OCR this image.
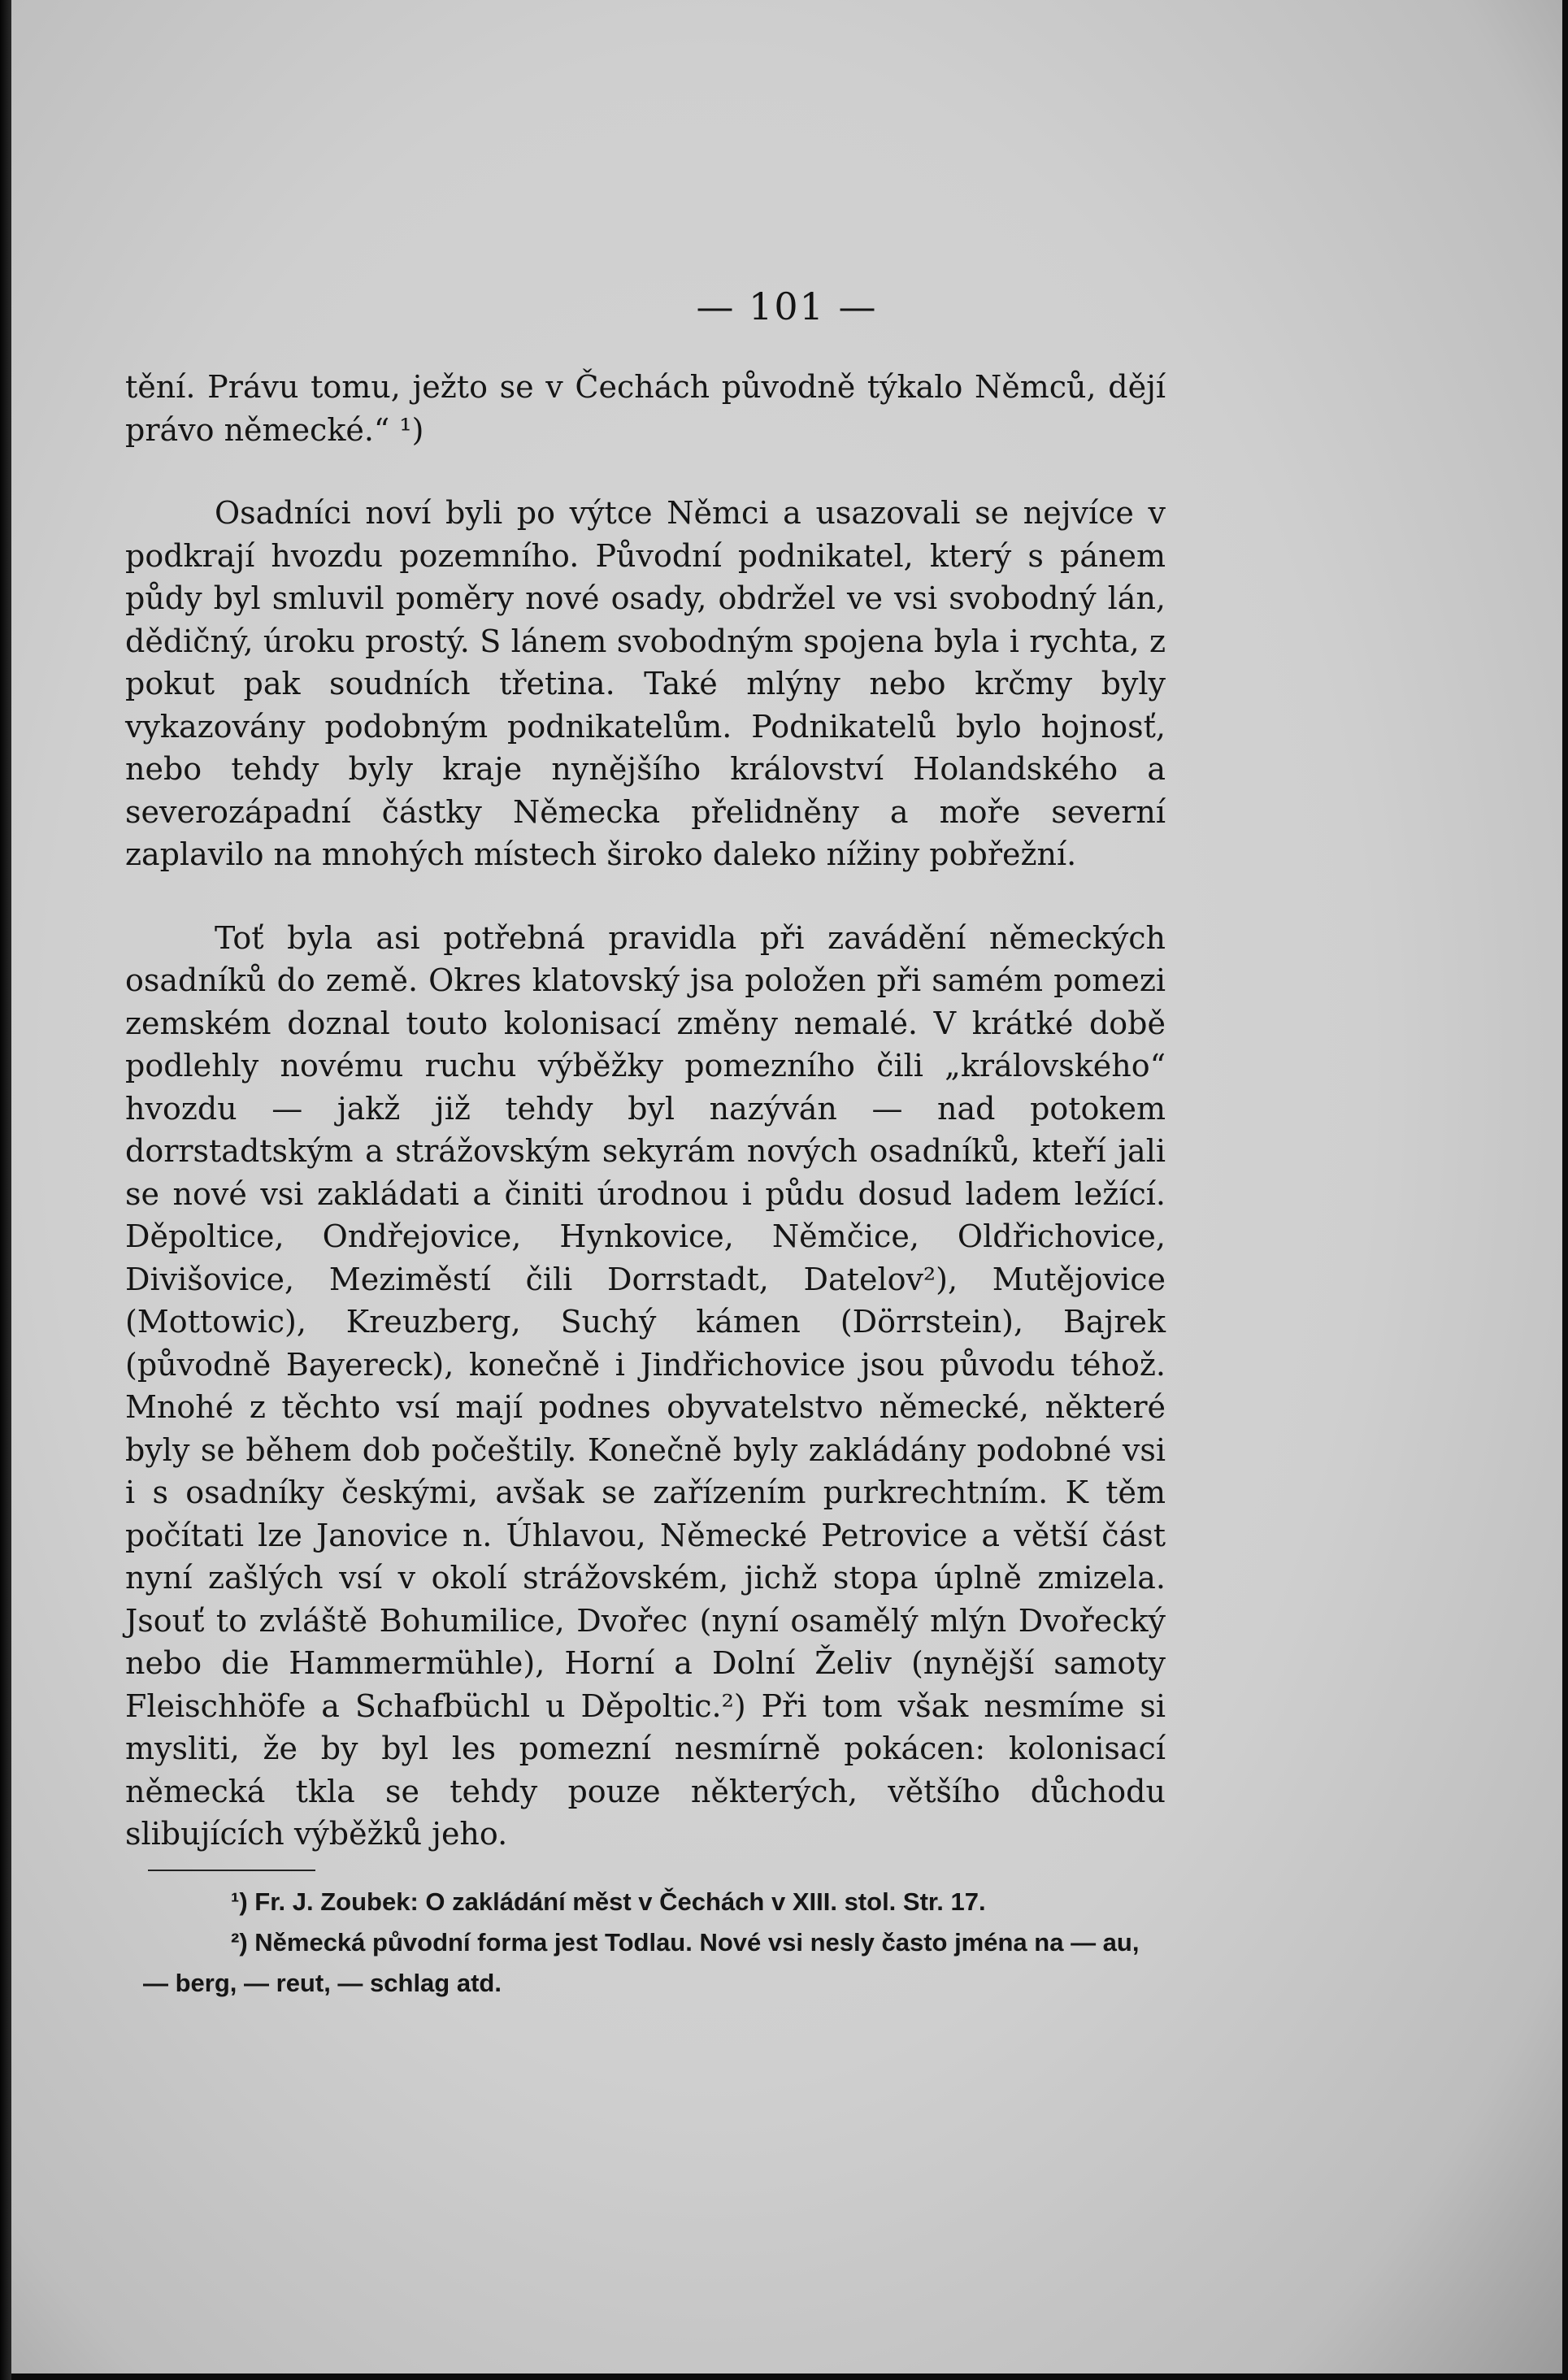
— 101 —

tění. Právu tomu, ježto se v Čechách původně týkalo Němců, dějí právo německé.“ ¹)

Osadníci noví byli po výtce Němci a usazovali se nejvíce v podkrají hvozdu pozemního. Původní podnikatel, který s pánem půdy byl smluvil poměry nové osady, obdržel ve vsi svobodný lán, dědičný, úroku prostý. S lánem svobodným spojena byla i rychta, z pokut pak soudních třetina. Také mlýny nebo krčmy byly vykazovány podobným podnikatelům. Podnikatelů bylo hojnosť, nebo tehdy byly kraje nynějšího království Holandského a severozápadní částky Německa přelidněny a moře severní zaplavilo na mnohých místech široko daleko nížiny pobřežní.

Toť byla asi potřebná pravidla při zavádění německých osadníků do země. Okres klatovský jsa položen při samém pomezi zemském doznal touto kolonisací změny nemalé. V krátké době podlehly novému ruchu výběžky pomezního čili „královského“ hvozdu — jakž již tehdy byl nazýván — nad potokem dorrstadtským a strážovským sekyrám nových osadníků, kteří jali se nové vsi zakládati a činiti úrodnou i půdu dosud ladem ležící. Děpoltice, Ondřejovice, Hynkovice, Němčice, Oldřichovice, Divišovice, Meziměstí čili Dorrstadt, Datelov²), Mutějovice (Mottowic), Kreuzberg, Suchý kámen (Dörrstein), Bajrek (původně Bayereck), konečně i Jindřichovice jsou původu téhož. Mnohé z těchto vsí mají podnes obyvatelstvo německé, některé byly se během dob počeštily. Konečně byly zakládány podobné vsi i s osadníky českými, avšak se zařízením purkrechtním. K těm počítati lze Janovice n. Úhlavou, Německé Petrovice a větší část nyní zašlých vsí v okolí strážovském, jichž stopa úplně zmizela. Jsouť to zvláště Bohumilice, Dvořec (nyní osamělý mlýn Dvořecký nebo die Hammermühle), Horní a Dolní Želiv (nynější samoty Fleischhöfe a Schafbüchl u Děpoltic.²) Při tom však nesmíme si mysliti, že by byl les pomezní nesmírně pokácen: kolonisací německá tkla se tehdy pouze některých, většího důchodu slibujících výběžků jeho.

¹) Fr. J. Zoubek: O zakládání měst v Čechách v XIII. stol. Str. 17.

²) Německá původní forma jest Todlau. Nové vsi nesly často jména na — au, — berg, — reut, — schlag atd.
